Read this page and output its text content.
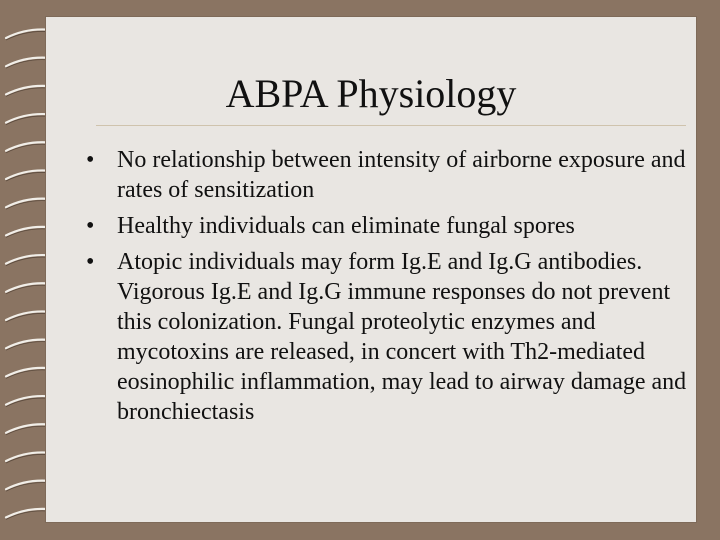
ABPA Physiology
• No relationship between intensity of airborne exposure and rates of sensitization
• Healthy individuals can eliminate fungal spores
• Atopic individuals may form Ig.E and Ig.G antibodies. Vigorous Ig.E and Ig.G immune responses do not prevent this colonization. Fungal proteolytic enzymes and mycotoxins are released, in concert with Th2-mediated eosinophilic inflammation, may lead to airway damage and bronchiectasis
